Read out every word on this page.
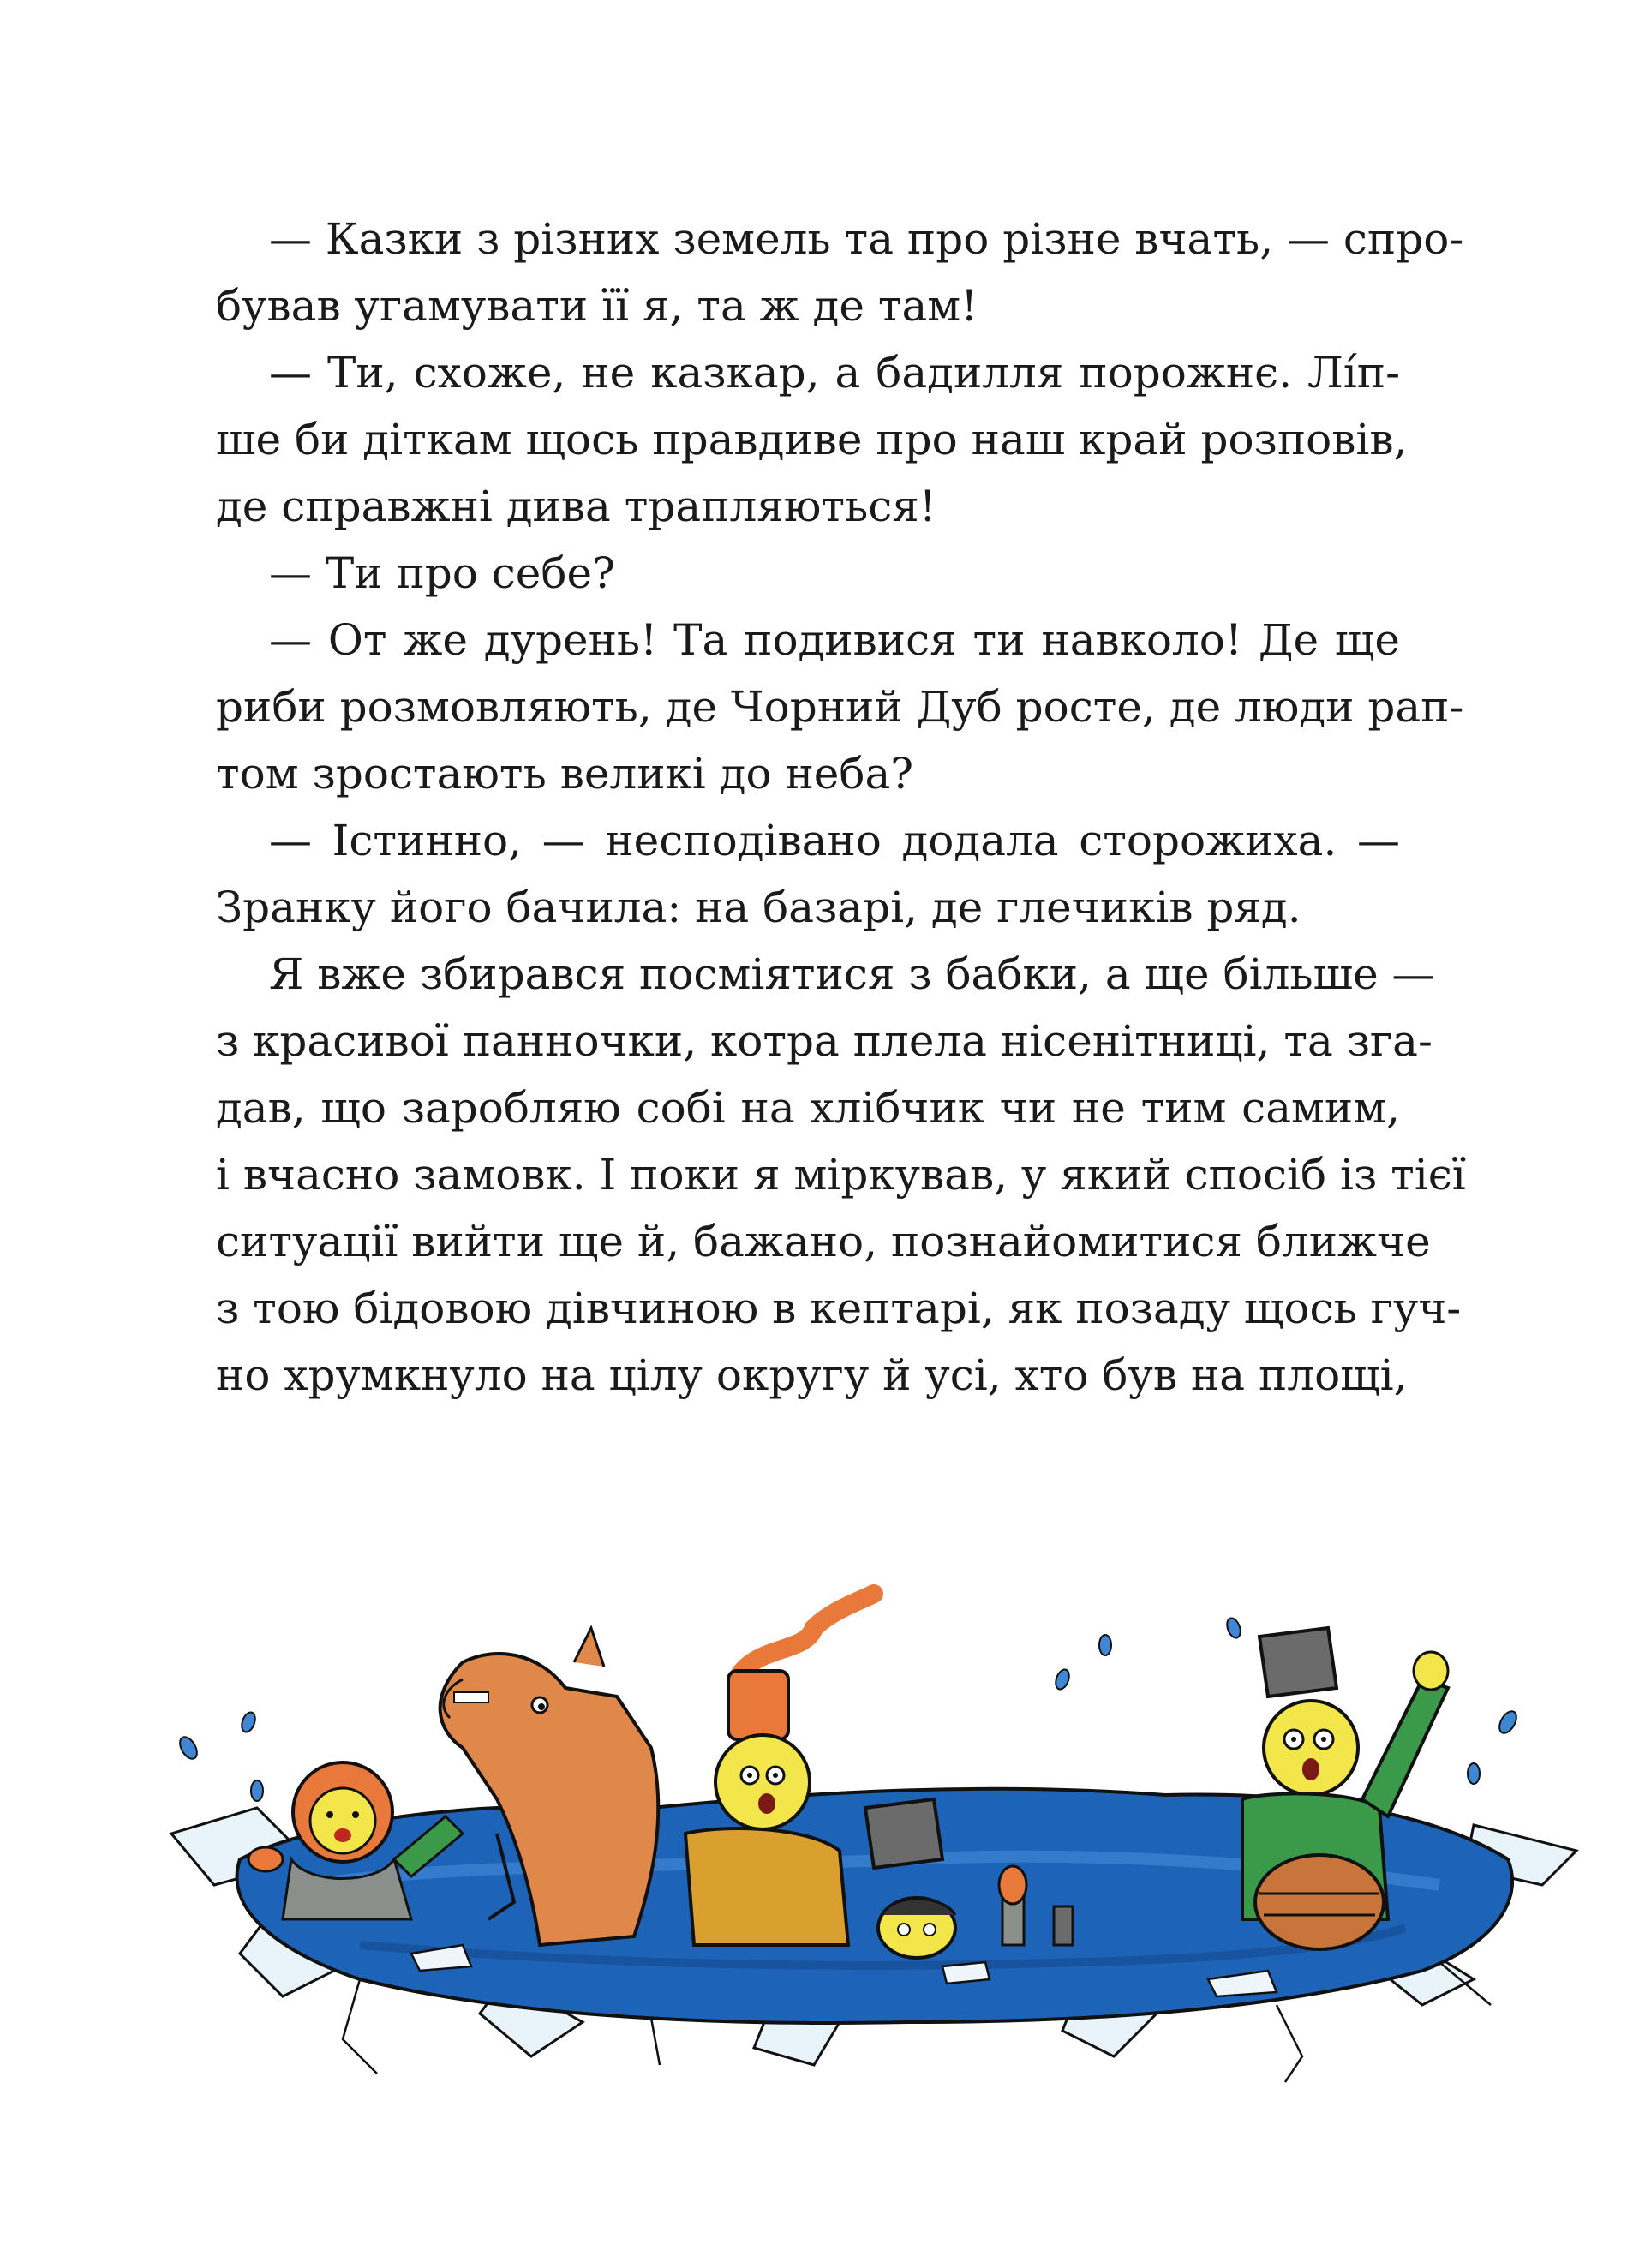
— Казки з різних земель та про різне вчать, — спро-
бував угамувати її я, та ж де там!
— Ти, схоже, не казкар, а бадилля порожнє. Лíп-
ше би діткам щось правдиве про наш край розповів,
де справжні дива трапляються!
— Ти про себе?
— От же дурень! Та подивися ти навколо! Де ще
риби розмовляють, де Чорний Дуб росте, де люди рап-
том зростають великі до неба?
— Істинно, — несподівано додала сторожиха. —
Зранку його бачила: на базарі, де глечиків ряд.
Я вже збирався посміятися з бабки, а ще більше —
з красивої панночки, котра плела нісенітниці, та зга-
дав, що заробляю собі на хлібчик чи не тим самим,
і вчасно замовк. І поки я міркував, у який спосіб із тієї
ситуації вийти ще й, бажано, познайомитися ближче
з тою бідовою дівчиною в кептарі, як позаду щось гуч-
но хрумкнуло на цілу округу й усі, хто був на площі,
